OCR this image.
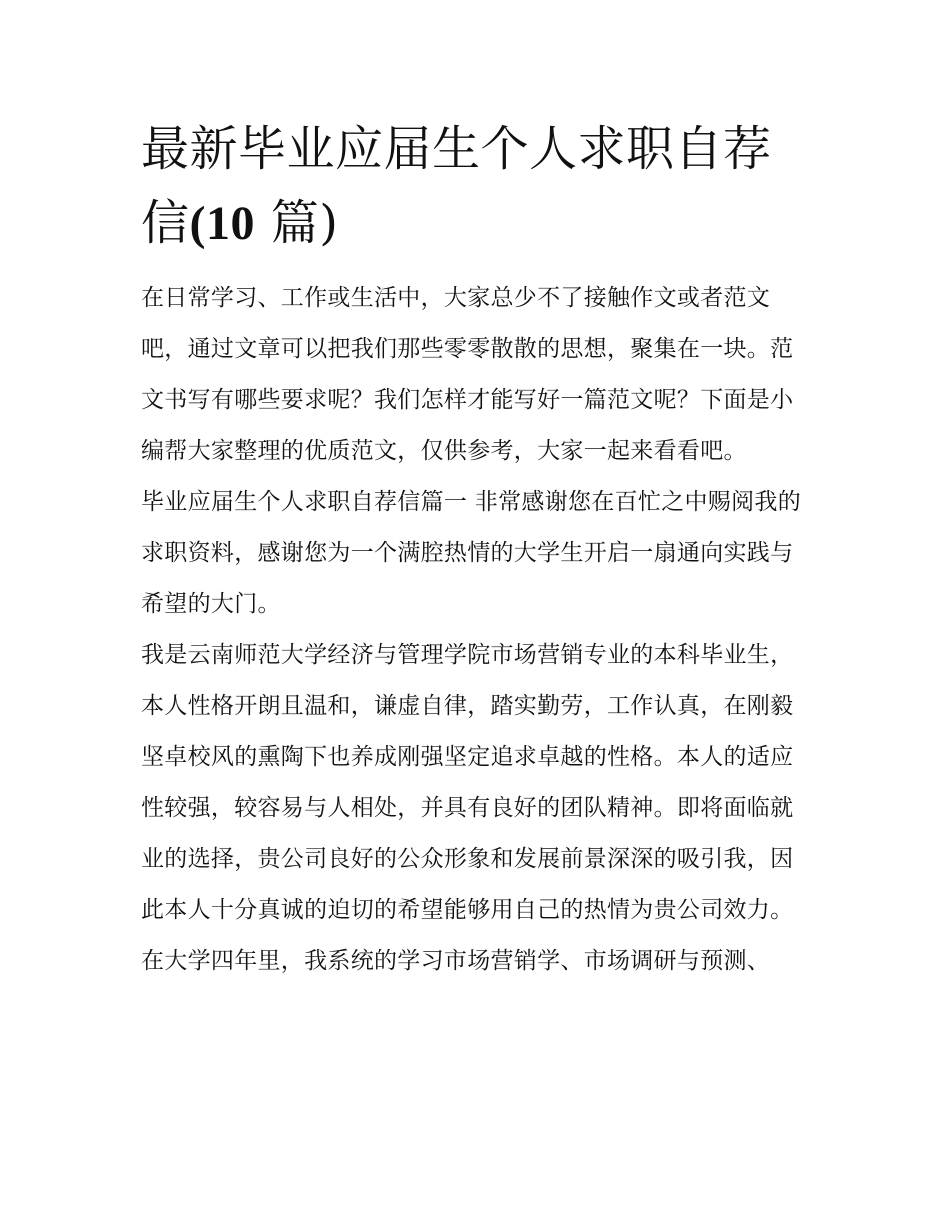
最新毕业应届生个人求职自荐
信(10 篇)

在日常学习、工作或生活中，大家总少不了接触作文或者范文吧，通过文章可以把我们那些零零散散的思想，聚集在一块。范文书写有哪些要求呢？我们怎样才能写好一篇范文呢？下面是小编帮大家整理的优质范文，仅供参考，大家一起来看看吧。

毕业应届生个人求职自荐信篇一 非常感谢您在百忙之中赐阅我的求职资料，感谢您为一个满腔热情的大学生开启一扇通向实践与希望的大门。

我是云南师范大学经济与管理学院市场营销专业的本科毕业生，本人性格开朗且温和，谦虚自律，踏实勤劳，工作认真，在刚毅坚卓校风的熏陶下也养成刚强坚定追求卓越的性格。本人的适应性较强，较容易与人相处，并具有良好的团队精神。即将面临就业的选择，贵公司良好的公众形象和发展前景深深的吸引我，因此本人十分真诚的迫切的希望能够用自己的热情为贵公司效力。

在大学四年里，我系统的学习市场营销学、市场调研与预测、
